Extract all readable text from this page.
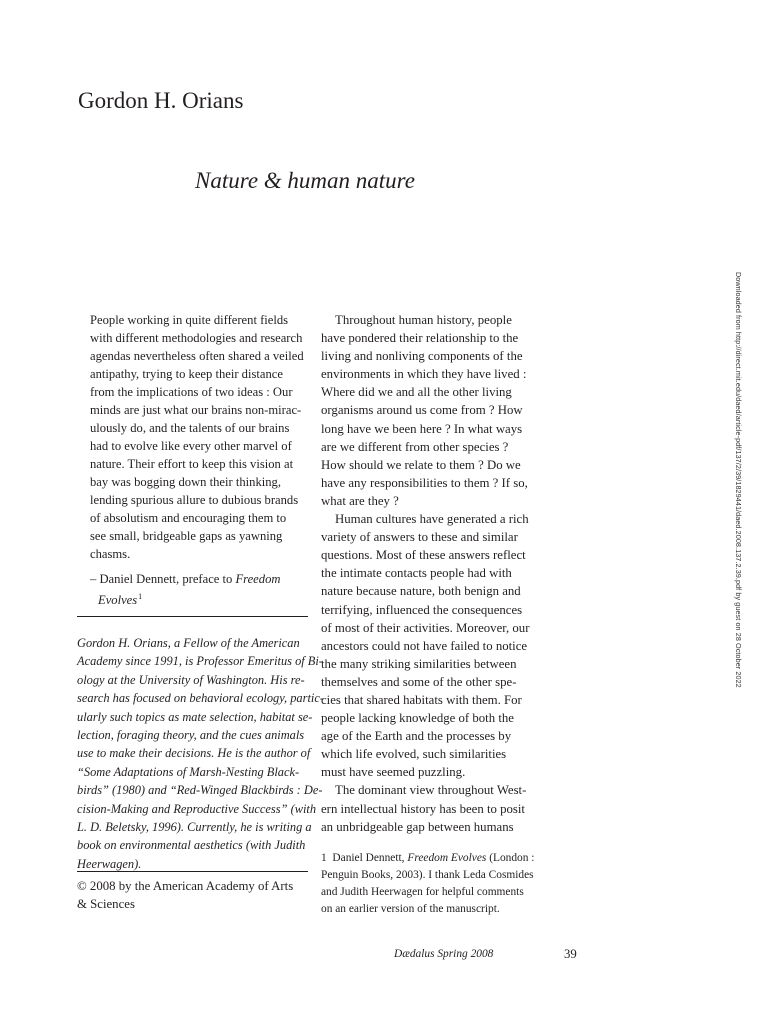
Gordon H. Orians
Nature & human nature
People working in quite different fields
with different methodologies and research
agendas nevertheless often shared a veiled
antipathy, trying to keep their distance
from the implications of two ideas : Our
minds are just what our brains non-mirac-
ulously do, and the talents of our brains
had to evolve like every other marvel of
nature. Their effort to keep this vision at
bay was bogging down their thinking,
lending spurious allure to dubious brands
of absolutism and encouraging them to
see small, bridgeable gaps as yawning
chasms.
– Daniel Dennett, preface to Freedom
Evolves$^1$
Gordon H. Orians, a Fellow of the American
Academy since 1991, is Professor Emeritus of Bi-
ology at the University of Washington. His re-
search has focused on behavioral ecology, partic-
ularly such topics as mate selection, habitat se-
lection, foraging theory, and the cues animals
use to make their decisions. He is the author of
“Some Adaptations of Marsh-Nesting Black-
birds” (1980) and “Red-Winged Blackbirds : De-
cision-Making and Reproductive Success” (with
L. D. Beletsky, 1996). Currently, he is writing a
book on environmental aesthetics (with Judith
Heerwagen).
© 2008 by the American Academy of Arts
& Sciences
Throughout human history, people
have pondered their relationship to the
living and nonliving components of the
environments in which they have lived :
Where did we and all the other living
organisms around us come from ? How
long have we been here ? In what ways
are we different from other species ?
How should we relate to them ? Do we
have any responsibilities to them ? If so,
what are they ?
Human cultures have generated a rich
variety of answers to these and similar
questions. Most of these answers reflect
the intimate contacts people had with
nature because nature, both benign and
terrifying, influenced the consequences
of most of their activities. Moreover, our
ancestors could not have failed to notice
the many striking similarities between
themselves and some of the other spe-
cies that shared habitats with them. For
people lacking knowledge of both the
age of the Earth and the processes by
which life evolved, such similarities
must have seemed puzzling.
The dominant view throughout West-
ern intellectual history has been to posit
an unbridgeable gap between humans
1 Daniel Dennett, Freedom Evolves (London :
Penguin Books, 2003). I thank Leda Cosmides
and Judith Heerwagen for helpful comments
on an earlier version of the manuscript.
Dædalus Spring 2008	39
Downloaded from http://direct.mit.edu/daed/article-pdf/137/2/39/1829441/daed.2008.137.2.39.pdf by guest on 28 October 2022
